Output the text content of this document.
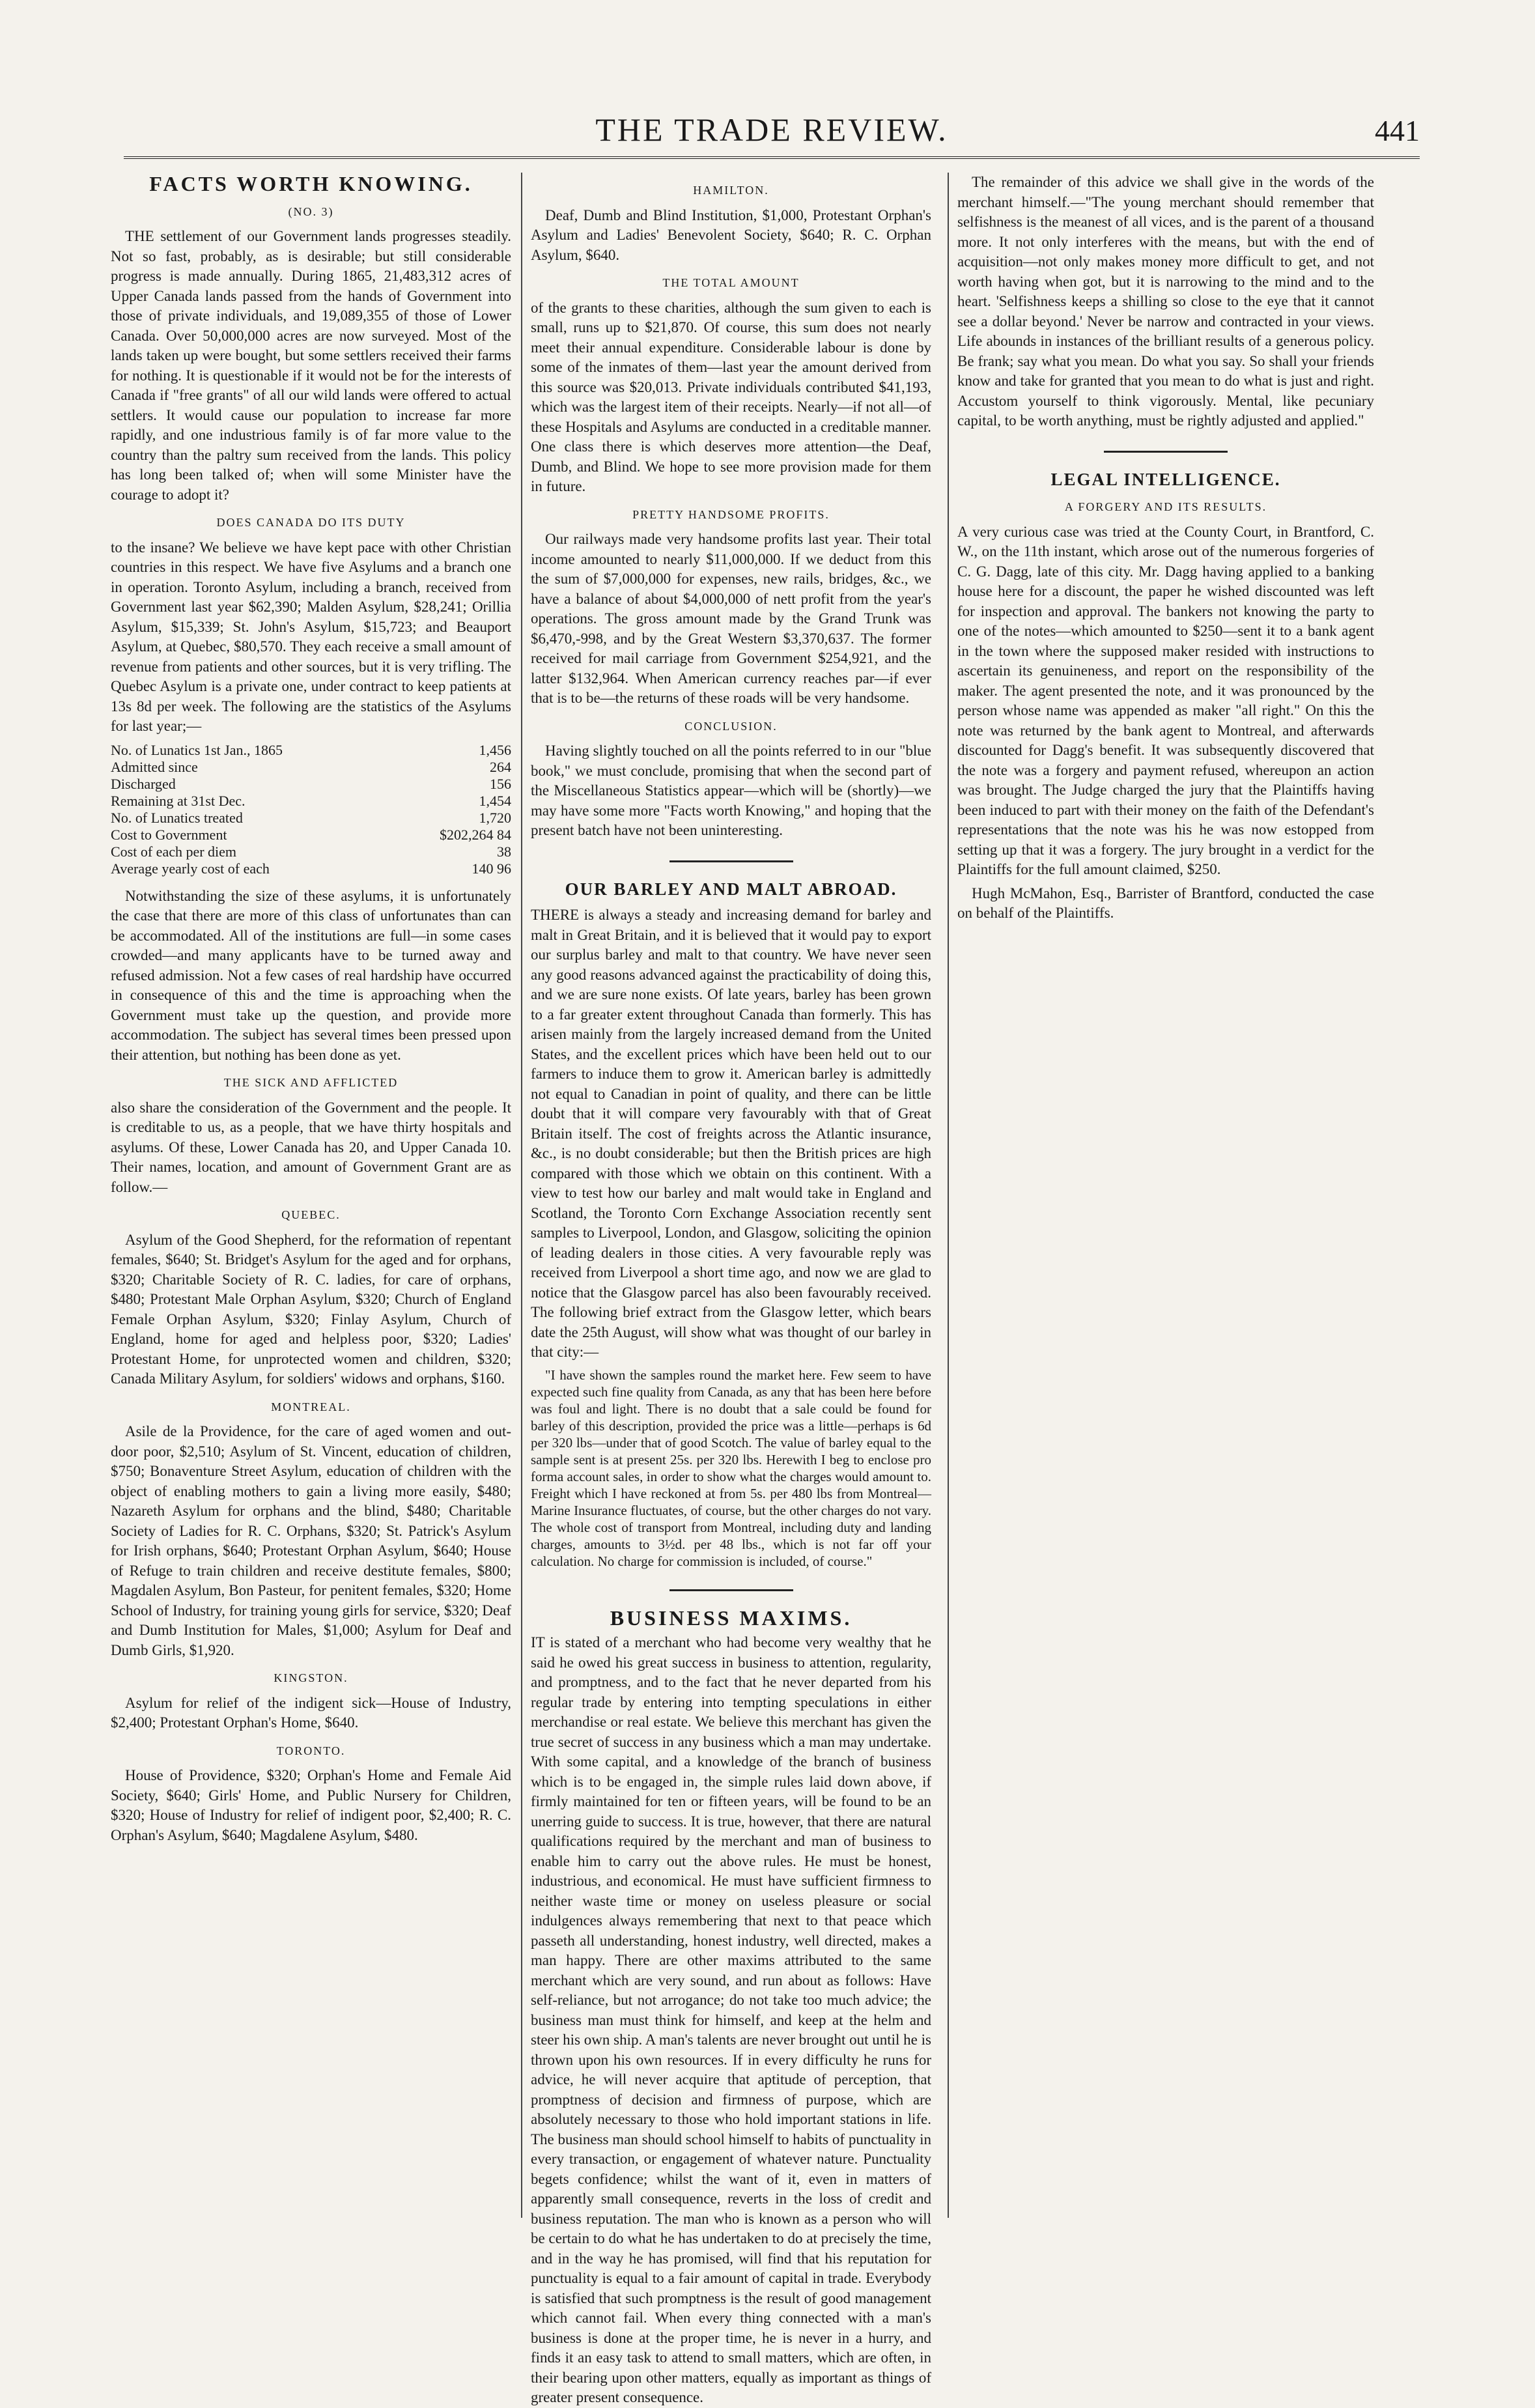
THE TRADE REVIEW.	441
FACTS WORTH KNOWING.
(NO. 3)

THE settlement of our Government lands progresses steadily. Not so fast, probably, as is desirable; but still considerable progress is made annually. During 1865, 21,483,312 acres of Upper Canada lands passed from the hands of Government into those of private individuals, and 19,089,355 of those of Lower Canada. Over 50,000,000 acres are now surveyed. Most of the lands taken up were bought, but some settlers received their farms for nothing. It is questionable if it would not be for the interests of Canada if "free grants" of all our wild lands were offered to actual settlers. It would cause our population to increase far more rapidly, and one industrious family is of far more value to the country than the paltry sum received from the lands. This policy has long been talked of; when will some Minister have the courage to adopt it?

DOES CANADA DO ITS DUTY

to the insane? We believe we have kept pace with other Christian countries in this respect. We have five Asylums and a branch one in operation. Toronto Asylum, including a branch, received from Government last year $62,390; Malden Asylum, $28,241; Orillia Asylum, $15,339; St. John's Asylum, $15,723; and Beauport Asylum, at Quebec, $80,570. They each receive a small amount of revenue from patients and other sources, but it is very trifling. The Quebec Asylum is a private one, under contract to keep patients at 13s 8d per week. The following are the statistics of the Asylums for last year;—

No. of Lunatics 1st Jan., 1865	1,456
Admitted since	264
Discharged	156
Remaining at 31st Dec.	1,454
No. of Lunatics treated	1,720
Cost to Government	$202,264 84
Cost of each per diem	38
Average yearly cost of each	140 96

Notwithstanding the size of these asylums, it is unfortunately the case that there are more of this class of unfortunates than can be accommodated. All of the institutions are full—in some cases crowded—and many applicants have to be turned away and refused admission. Not a few cases of real hardship have occurred in consequence of this and the time is approaching when the Government must take up the question, and provide more accommodation. The subject has several times been pressed upon their attention, but nothing has been done as yet.

THE SICK AND AFFLICTED

also share the consideration of the Government and the people. It is creditable to us, as a people, that we have thirty hospitals and asylums. Of these, Lower Canada has 20, and Upper Canada 10. Their names, location, and amount of Government Grant are as follow.—

QUEBEC.

Asylum of the Good Shepherd, for the reformation of repentant females, $640; St. Bridget's Asylum for the aged and for orphans, $320; Charitable Society of R. C. ladies, for care of orphans, $480; Protestant Male Orphan Asylum, $320; Church of England Female Orphan Asylum, $320; Finlay Asylum, Church of England, home for aged and helpless poor, $320; Ladies' Protestant Home, for unprotected women and children, $320; Canada Military Asylum, for soldiers' widows and orphans, $160.

MONTREAL.

Asile de la Providence, for the care of aged women and out-door poor, $2,510; Asylum of St. Vincent, education of children, $750; Bonaventure Street Asylum, education of children with the object of enabling mothers to gain a living more easily, $480; Nazareth Asylum for orphans and the blind, $480; Charitable Society of Ladies for R. C. Orphans, $320; St. Patrick's Asylum for Irish orphans, $640; Protestant Orphan Asylum, $640; House of Refuge to train children and receive destitute females, $800; Magdalen Asylum, Bon Pasteur, for penitent females, $320; Home School of Industry, for training young girls for service, $320; Deaf and Dumb Institution for Males, $1,000; Asylum for Deaf and Dumb Girls, $1,920.

KINGSTON.

Asylum for relief of the indigent sick—House of Industry, $2,400; Protestant Orphan's Home, $640.

TORONTO.

House of Providence, $320; Orphan's Home and Female Aid Society, $640; Girls' Home, and Public Nursery for Children, $320; House of Industry for relief of indigent poor, $2,400; R. C. Orphan's Asylum, $640; Magdalene Asylum, $480.

HAMILTON.

Deaf, Dumb and Blind Institution, $1,000, Protestant Orphan's Asylum and Ladies' Benevolent Society, $640; R. C. Orphan Asylum, $640.

THE TOTAL AMOUNT

of the grants to these charities, although the sum given to each is small, runs up to $21,870. Of course, this sum does not nearly meet their annual expenditure. Considerable labour is done by some of the inmates of them—last year the amount derived from this source was $20,013. Private individuals contributed $41,193, which was the largest item of their receipts. Nearly—if not all—of these Hospitals and Asylums are conducted in a creditable manner. One class there is which deserves more attention—the Deaf, Dumb, and Blind. We hope to see more provision made for them in future.

PRETTY HANDSOME PROFITS.

Our railways made very handsome profits last year. Their total income amounted to nearly $11,000,000. If we deduct from this the sum of $7,000,000 for expenses, new rails, bridges, &c., we have a balance of about $4,000,000 of nett profit from the year's operations. The gross amount made by the Grand Trunk was $6,470,-998, and by the Great Western $3,370,637. The former received for mail carriage from Government $254,921, and the latter $132,964. When American currency reaches par—if ever that is to be—the returns of these roads will be very handsome.

CONCLUSION.

Having slightly touched on all the points referred to in our "blue book," we must conclude, promising that when the second part of the Miscellaneous Statistics appear—which will be (shortly)—we may have some more "Facts worth Knowing," and hoping that the present batch have not been uninteresting.

OUR BARLEY AND MALT ABROAD.

THERE is always a steady and increasing demand for barley and malt in Great Britain, and it is believed that it would pay to export our surplus barley and malt to that country. We have never seen any good reasons advanced against the practicability of doing this, and we are sure none exists. Of late years, barley has been grown to a far greater extent throughout Canada than formerly. This has arisen mainly from the largely increased demand from the United States, and the excellent prices which have been held out to our farmers to induce them to grow it. American barley is admittedly not equal to Canadian in point of quality, and there can be little doubt that it will compare very favourably with that of Great Britain itself. The cost of freights across the Atlantic insurance, &c., is no doubt considerable; but then the British prices are high compared with those which we obtain on this continent. With a view to test how our barley and malt would take in England and Scotland, the Toronto Corn Exchange Association recently sent samples to Liverpool, London, and Glasgow, soliciting the opinion of leading dealers in those cities. A very favourable reply was received from Liverpool a short time ago, and now we are glad to notice that the Glasgow parcel has also been favourably received. The following brief extract from the Glasgow letter, which bears date the 25th August, will show what was thought of our barley in that city:—

"I have shown the samples round the market here. Few seem to have expected such fine quality from Canada, as any that has been here before was foul and light. There is no doubt that a sale could be found for barley of this description, provided the price was a little—perhaps is 6d per 320 lbs—under that of good Scotch. The value of barley equal to the sample sent is at present 25s. per 320 lbs. Herewith I beg to enclose pro forma account sales, in order to show what the charges would amount to. Freight which I have reckoned at from 5s. per 480 lbs from Montreal—Marine Insurance fluctuates, of course, but the other charges do not vary. The whole cost of transport from Montreal, including duty and landing charges, amounts to 3½d. per 48 lbs., which is not far off your calculation. No charge for commission is included, of course."

BUSINESS MAXIMS.

IT is stated of a merchant who had become very wealthy that he said he owed his great success in business to attention, regularity, and promptness, and to the fact that he never departed from his regular trade by entering into tempting speculations in either merchandise or real estate. We believe this merchant has given the true secret of success in any business which a man may undertake. With some capital, and a knowledge of the branch of business which is to be engaged in, the simple rules laid down above, if firmly maintained for ten or fifteen years, will be found to be an unerring guide to success. It is true, however, that there are natural qualifications required by the merchant and man of business to enable him to carry out the above rules. He must be honest, industrious, and economical. He must have sufficient firmness to neither waste time or money on useless pleasure or social indulgences always remembering that next to that peace which passeth all understanding, honest industry, well directed, makes a man happy. There are other maxims attributed to the same merchant which are very sound, and run about as follows: Have self-reliance, but not arrogance; do not take too much advice; the business man must think for himself, and keep at the helm and steer his own ship. A man's talents are never brought out until he is thrown upon his own resources. If in every difficulty he runs for advice, he will never acquire that aptitude of perception, that promptness of decision and firmness of purpose, which are absolutely necessary to those who hold important stations in life. The business man should school himself to habits of punctuality in every transaction, or engagement of whatever nature. Punctuality begets confidence; whilst the want of it, even in matters of apparently small consequence, reverts in the loss of credit and business reputation. The man who is known as a person who will be certain to do what he has undertaken to do at precisely the time, and in the way he has promised, will find that his reputation for punctuality is equal to a fair amount of capital in trade. Everybody is satisfied that such promptness is the result of good management which cannot fail. When every thing connected with a man's business is done at the proper time, he is never in a hurry, and finds it an easy task to attend to small matters, which are often, in their bearing upon other matters, equally as important as things of greater present consequence.

The remainder of this advice we shall give in the words of the merchant himself.—"The young merchant should remember that selfishness is the meanest of all vices, and is the parent of a thousand more. It not only interferes with the means, but with the end of acquisition—not only makes money more difficult to get, and not worth having when got, but it is narrowing to the mind and to the heart. 'Selfishness keeps a shilling so close to the eye that it cannot see a dollar beyond.' Never be narrow and contracted in your views. Life abounds in instances of the brilliant results of a generous policy. Be frank; say what you mean. Do what you say. So shall your friends know and take for granted that you mean to do what is just and right. Accustom yourself to think vigorously. Mental, like pecuniary capital, to be worth anything, must be rightly adjusted and applied."

LEGAL INTELLIGENCE.
A FORGERY AND ITS RESULTS.

A very curious case was tried at the County Court, in Brantford, C. W., on the 11th instant, which arose out of the numerous forgeries of C. G. Dagg, late of this city. Mr. Dagg having applied to a banking house here for a discount, the paper he wished discounted was left for inspection and approval. The bankers not knowing the party to one of the notes—which amounted to $250—sent it to a bank agent in the town where the supposed maker resided with instructions to ascertain its genuineness, and report on the responsibility of the maker. The agent presented the note, and it was pronounced by the person whose name was appended as maker "all right." On this the note was returned by the bank agent to Montreal, and afterwards discounted for Dagg's benefit. It was subsequently discovered that the note was a forgery and payment refused, whereupon an action was brought. The Judge charged the jury that the Plaintiffs having been induced to part with their money on the faith of the Defendant's representations that the note was his he was now estopped from setting up that it was a forgery. The jury brought in a verdict for the Plaintiffs for the full amount claimed, $250.

Hugh McMahon, Esq., Barrister of Brantford, conducted the case on behalf of the Plaintiffs.
